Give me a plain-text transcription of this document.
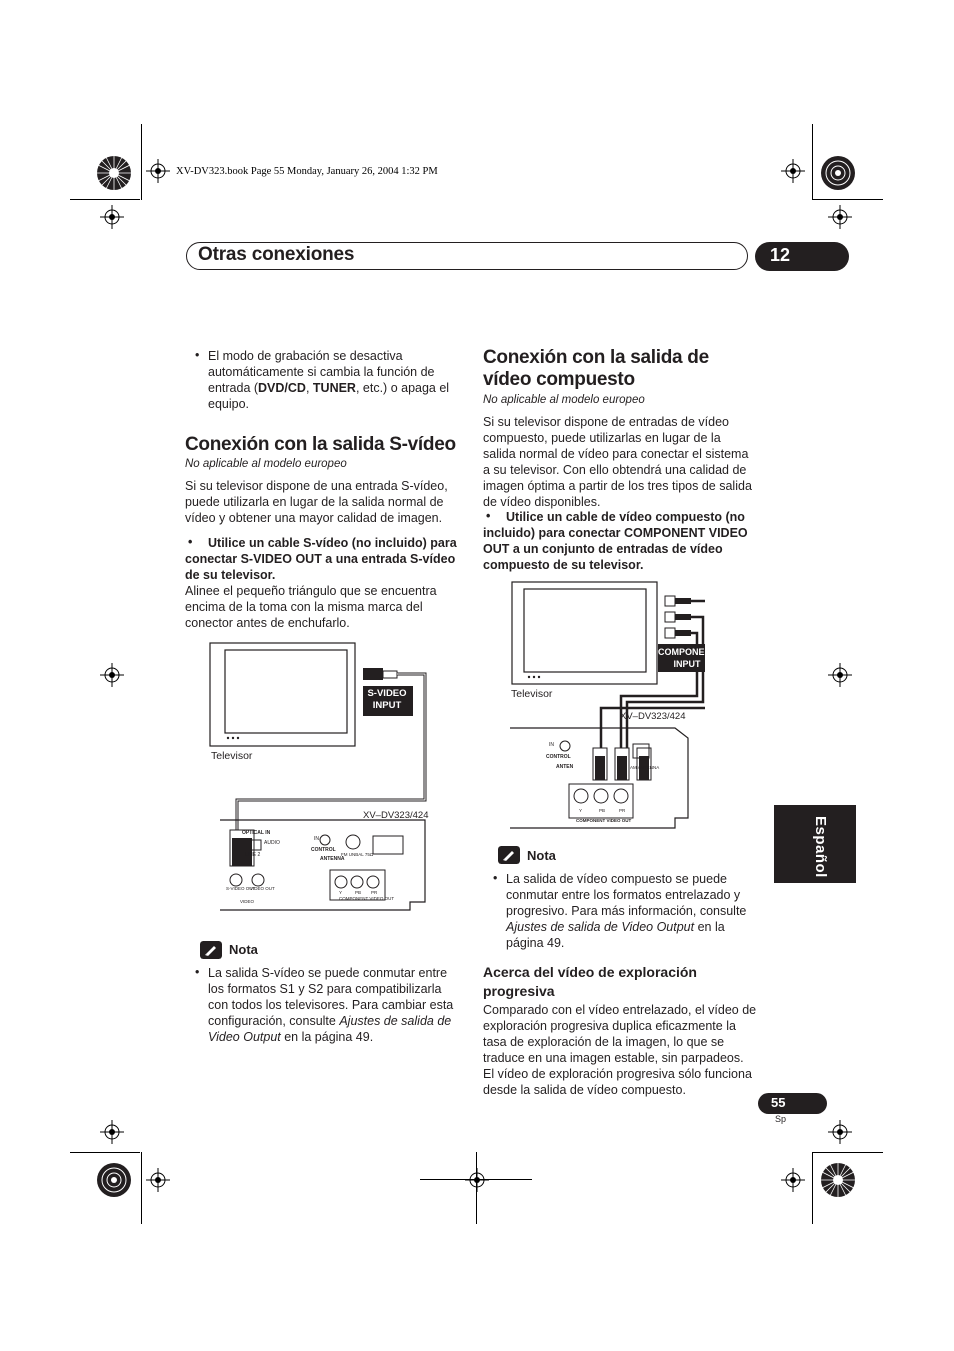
XV-DV323.book Page 55 Monday, January 26, 2004 1:32 PM
Otras conexiones	12
Español
• El modo de grabación se desactiva automáticamente si cambia la función de entrada (DVD/CD, TUNER, etc.) o apaga el equipo.
Conexión con la salida S-vídeo
No aplicable al modelo europeo
Si su televisor dispone de una entrada S-vídeo, puede utilizarla en lugar de la salida normal de vídeo y obtener una mayor calidad de imagen.
•	Utilice un cable S-vídeo (no incluido) para conectar S-VIDEO OUT a una entrada S-vídeo de su televisor.
Alinee el pequeño triángulo que se encuentra encima de la toma con la misma marca del conector antes de enchufarlo.
Televisor
S-VIDEO
INPUT
XV–DV323/424
OPTICAL IN
LINE 2
AUDIO
IN
CONTROL
ANTENNA
FM UNBAL 75Ω
S-VIDEO OUT
VIDEO OUT
VIDEO
COMPONENT VIDEO OUT
Y	PB PR
Nota
• La salida S-vídeo se puede conmutar entre los formatos S1 y S2 para compatibilizarla con todos los televisores. Para cambiar esta configuración, consulte Ajustes de salida de Video Output en la página 49.
Conexión con la salida de
vídeo compuesto
No aplicable al modelo europeo
Si su televisor dispone de entradas de vídeo compuesto, puede utilizarlas en lugar de la salida normal de vídeo para conectar el sistema a su televisor. Con ello obtendrá una calidad de imagen óptima a partir de los tres tipos de salida de vídeo disponibles.
•	Utilice un cable de vídeo compuesto (no incluido) para conectar COMPONENT VIDEO OUT a un conjunto de entradas de vídeo compuesto de su televisor.
COMPONENT
INPUT
Televisor
XV–DV323/424
IN
CONTROL
ANTEN	AM ANTENNA
COMPONENT VIDEO OUT
Y	PB	PR
Nota
• La salida de vídeo compuesto se puede conmutar entre los formatos entrelazado y progresivo. Para más información, consulte Ajustes de salida de Video Output en la página 49.
Acerca del vídeo de exploración progresiva
Comparado con el vídeo entrelazado, el vídeo de exploración progresiva duplica eficazmente la tasa de exploración de la imagen, lo que se traduce en una imagen estable, sin parpadeos. El vídeo de exploración progresiva sólo funciona desde la salida de vídeo compuesto.
55
Sp
